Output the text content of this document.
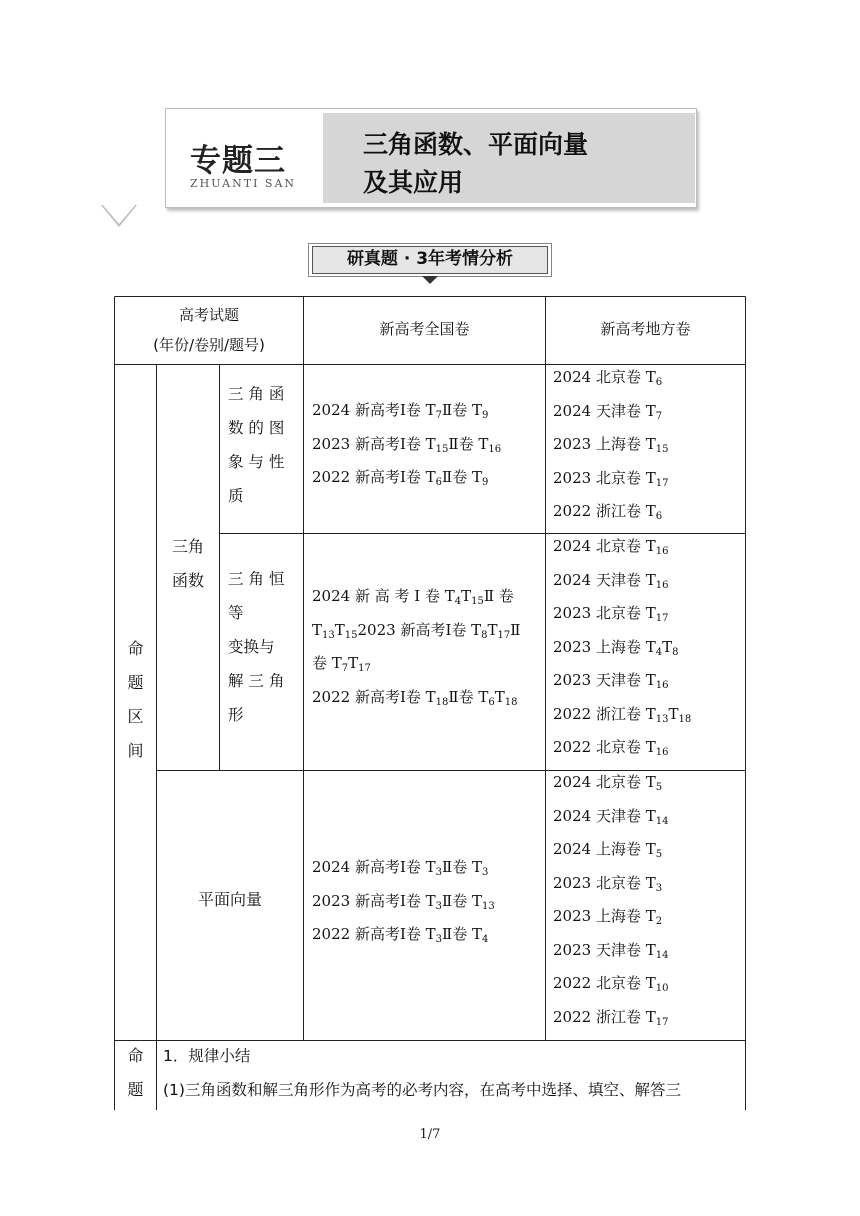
专题三
ZHUANTI SAN
三角函数、平面向量
及其应用
研真题 · 3年考情分析
高考试题
(年份/卷别/题号)
新高考全国卷	新高考地方卷
命
题
区
间
三角
函数
三 角 函
数 的 图
象 与 性
质
2024 新高考Ⅰ卷 $T_7Ⅱ$卷 $T_9$
2023 新高考Ⅰ卷 $T_{15}Ⅱ$卷 $T_{16}$
2022 新高考Ⅰ卷 $T_6Ⅱ$卷 $T_9$
2024 北京卷 $T_6$
2024 天津卷 $T_7$
2023 上海卷 $T_{15}$
2023 北京卷 $T_{17}$
2022 浙江卷 $T_6$
三 角 恒
等
变换与
解 三 角
形
2024 新 高 考 Ⅰ 卷 $T_4T_{15}Ⅱ$ 卷
$T_{13}T_{15}2023$ 新高考Ⅰ卷 $T_8T_{17}Ⅱ$
卷 $T_7T_{17}$
2022 新高考Ⅰ卷 $T_{18}Ⅱ$卷 $T_6T_{18}$
2024 北京卷 $T_{16}$
2024 天津卷 $T_{16}$
2023 北京卷 $T_{17}$
2023 上海卷 $T_4T_8$
2023 天津卷 $T_{16}$
2022 浙江卷 $T_{13}T_{18}$
2022 北京卷 $T_{16}$
平面向量
2024 新高考Ⅰ卷 $T_3Ⅱ$卷 $T_3$
2023 新高考Ⅰ卷 $T_3Ⅱ$卷 $T_{13}$
2022 新高考Ⅰ卷 $T_3Ⅱ$卷 $T_4$
2024 北京卷 $T_5$
2024 天津卷 $T_{14}$
2024 上海卷 $T_5$
2023 北京卷 $T_3$
2023 上海卷 $T_2$
2023 天津卷 $T_{14}$
2022 北京卷 $T_{10}$
2022 浙江卷 $T_{17}$
命
题
1．规律小结
(1)三角函数和解三角形作为高考的必考内容，在高考中选择、填空、解答三
1/7
